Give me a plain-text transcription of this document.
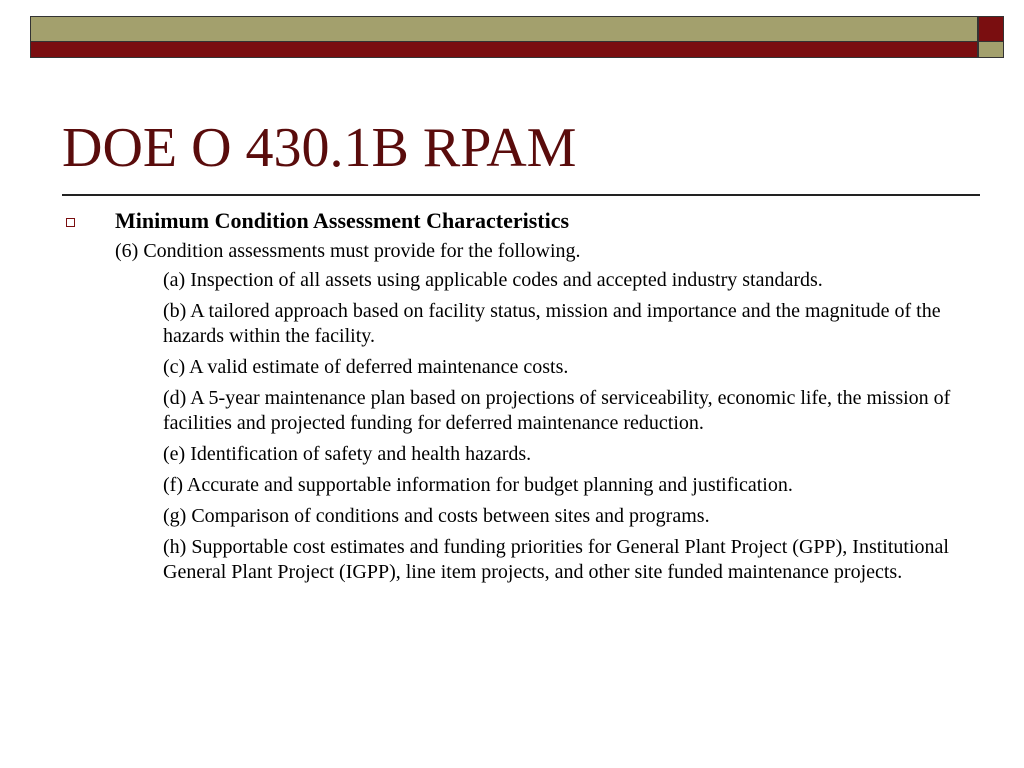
DOE O 430.1B RPAM
Minimum Condition Assessment Characteristics

(6) Condition assessments must provide for the following.

(a) Inspection of all assets using applicable codes and accepted industry standards.

(b) A tailored approach based on facility status, mission and importance and the magnitude of the hazards within the facility.

(c) A valid estimate of deferred maintenance costs.

(d) A 5-year maintenance plan based on projections of serviceability, economic life, the mission of facilities and projected funding for deferred maintenance reduction.

(e) Identification of safety and health hazards.

(f) Accurate and supportable information for budget planning and justification.

(g) Comparison of conditions and costs between sites and programs.

(h) Supportable cost estimates and funding priorities for General Plant Project (GPP), Institutional General Plant Project (IGPP), line item projects, and other site funded maintenance projects.
